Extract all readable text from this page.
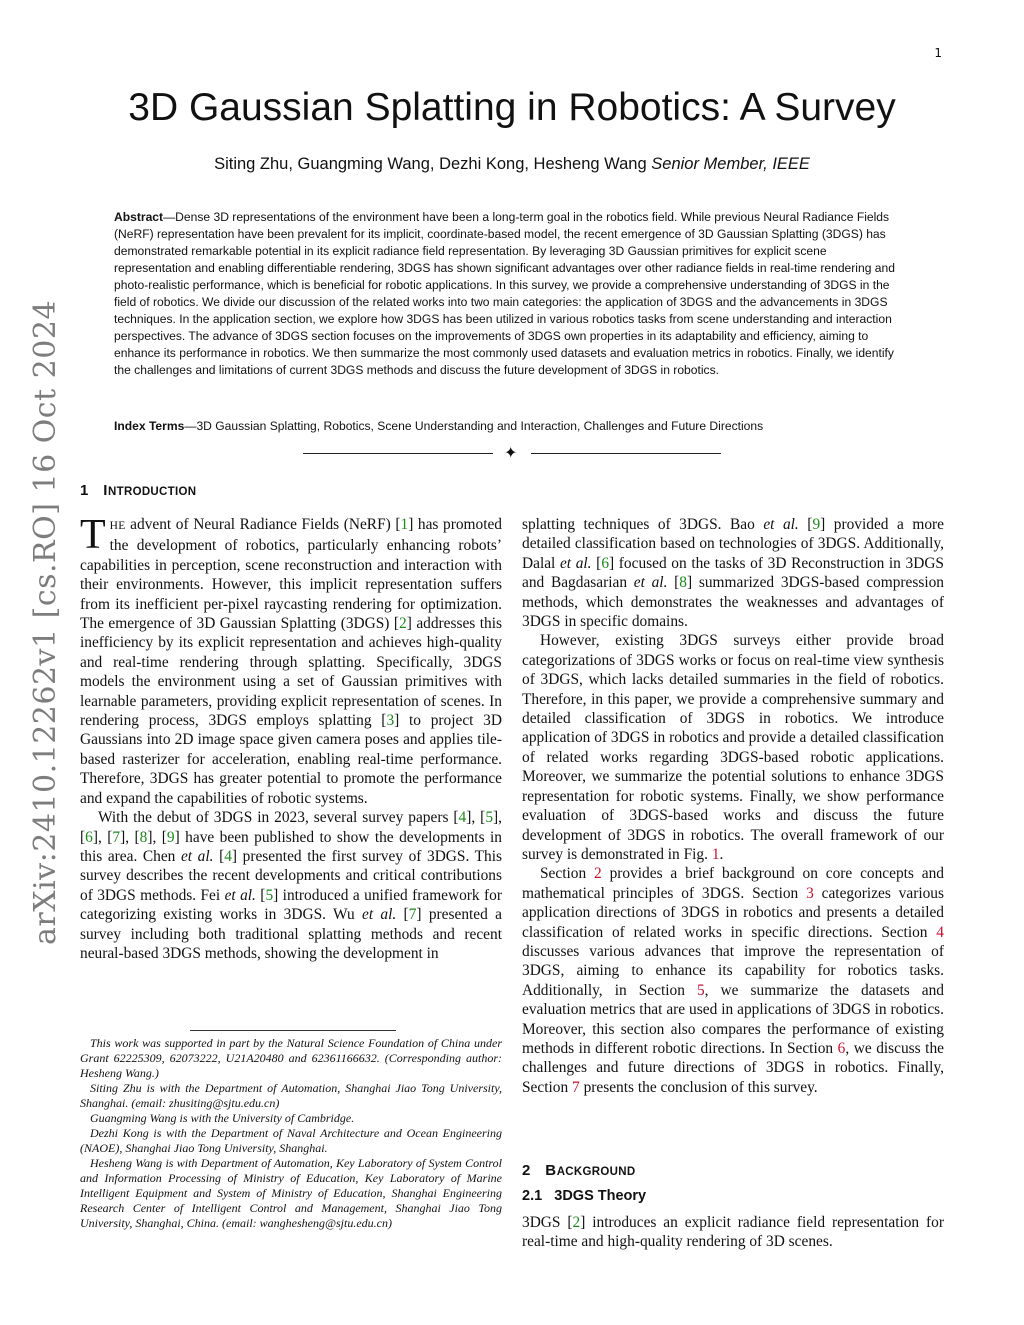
1
arXiv:2410.12262v1 [cs.RO] 16 Oct 2024
3D Gaussian Splatting in Robotics: A Survey
Siting Zhu, Guangming Wang, Dezhi Kong, Hesheng Wang Senior Member, IEEE
Abstract—Dense 3D representations of the environment have been a long-term goal in the robotics field. While previous Neural Radiance Fields (NeRF) representation have been prevalent for its implicit, coordinate-based model, the recent emergence of 3D Gaussian Splatting (3DGS) has demonstrated remarkable potential in its explicit radiance field representation. By leveraging 3D Gaussian primitives for explicit scene representation and enabling differentiable rendering, 3DGS has shown significant advantages over other radiance fields in real-time rendering and photo-realistic performance, which is beneficial for robotic applications. In this survey, we provide a comprehensive understanding of 3DGS in the field of robotics. We divide our discussion of the related works into two main categories: the application of 3DGS and the advancements in 3DGS techniques. In the application section, we explore how 3DGS has been utilized in various robotics tasks from scene understanding and interaction perspectives. The advance of 3DGS section focuses on the improvements of 3DGS own properties in its adaptability and efficiency, aiming to enhance its performance in robotics. We then summarize the most commonly used datasets and evaluation metrics in robotics. Finally, we identify the challenges and limitations of current 3DGS methods and discuss the future development of 3DGS in robotics.
Index Terms—3D Gaussian Splatting, Robotics, Scene Understanding and Interaction, Challenges and Future Directions
✦
1 INTRODUCTION

T HE advent of Neural Radiance Fields (NeRF) [1] has promoted the development of robotics, particularly enhancing robots’ capabilities in perception, scene reconstruction and interaction with their environments. However, this implicit representation suffers from its inefficient per-pixel raycasting rendering for optimization. The emergence of 3D Gaussian Splatting (3DGS) [2] addresses this inefficiency by its explicit representation and achieves high-quality and real-time rendering through splatting. Specifically, 3DGS models the environment using a set of Gaussian primitives with learnable parameters, providing explicit representation of scenes. In rendering process, 3DGS employs splatting [3] to project 3D Gaussians into 2D image space given camera poses and applies tile-based rasterizer for acceleration, enabling real-time performance. Therefore, 3DGS has greater potential to promote the performance and expand the capabilities of robotic systems.

With the debut of 3DGS in 2023, several survey papers [4], [5], [6], [7], [8], [9] have been published to show the developments in this area. Chen et al. [4] presented the first survey of 3DGS. This survey describes the recent developments and critical contributions of 3DGS methods. Fei et al. [5] introduced a unified framework for categorizing existing works in 3DGS. Wu et al. [7] presented a survey including both traditional splatting methods and recent neural-based 3DGS methods, showing the development in

This work was supported in part by the Natural Science Foundation of China under Grant 62225309, 62073222, U21A20480 and 62361166632. (Corresponding author: Hesheng Wang.)

Siting Zhu is with the Department of Automation, Shanghai Jiao Tong University, Shanghai. (email: zhusiting@sjtu.edu.cn)

Guangming Wang is with the University of Cambridge.

Dezhi Kong is with the Department of Naval Architecture and Ocean Engineering (NAOE), Shanghai Jiao Tong University, Shanghai.

Hesheng Wang is with Department of Automation, Key Laboratory of System Control and Information Processing of Ministry of Education, Key Laboratory of Marine Intelligent Equipment and System of Ministry of Education, Shanghai Engineering Research Center of Intelligent Control and Management, Shanghai Jiao Tong University, Shanghai, China. (email: wanghesheng@sjtu.edu.cn)

splatting techniques of 3DGS. Bao et al. [9] provided a more detailed classification based on technologies of 3DGS. Additionally, Dalal et al. [6] focused on the tasks of 3D Reconstruction in 3DGS and Bagdasarian et al. [8] summarized 3DGS-based compression methods, which demonstrates the weaknesses and advantages of 3DGS in specific domains.

However, existing 3DGS surveys either provide broad categorizations of 3DGS works or focus on real-time view synthesis of 3DGS, which lacks detailed summaries in the field of robotics. Therefore, in this paper, we provide a comprehensive summary and detailed classification of 3DGS in robotics. We introduce application of 3DGS in robotics and provide a detailed classification of related works regarding 3DGS-based robotic applications. Moreover, we summarize the potential solutions to enhance 3DGS representation for robotic systems. Finally, we show performance evaluation of 3DGS-based works and discuss the future development of 3DGS in robotics. The overall framework of our survey is demonstrated in Fig. 1.

Section 2 provides a brief background on core concepts and mathematical principles of 3DGS. Section 3 categorizes various application directions of 3DGS in robotics and presents a detailed classification of related works in specific directions. Section 4 discusses various advances that improve the representation of 3DGS, aiming to enhance its capability for robotics tasks. Additionally, in Section 5, we summarize the datasets and evaluation metrics that are used in applications of 3DGS in robotics. Moreover, this section also compares the performance of existing methods in different robotic directions. In Section 6, we discuss the challenges and future directions of 3DGS in robotics. Finally, Section 7 presents the conclusion of this survey.

2 BACKGROUND
2.1 3DGS Theory

3DGS [2] introduces an explicit radiance field representation for real-time and high-quality rendering of 3D scenes.
